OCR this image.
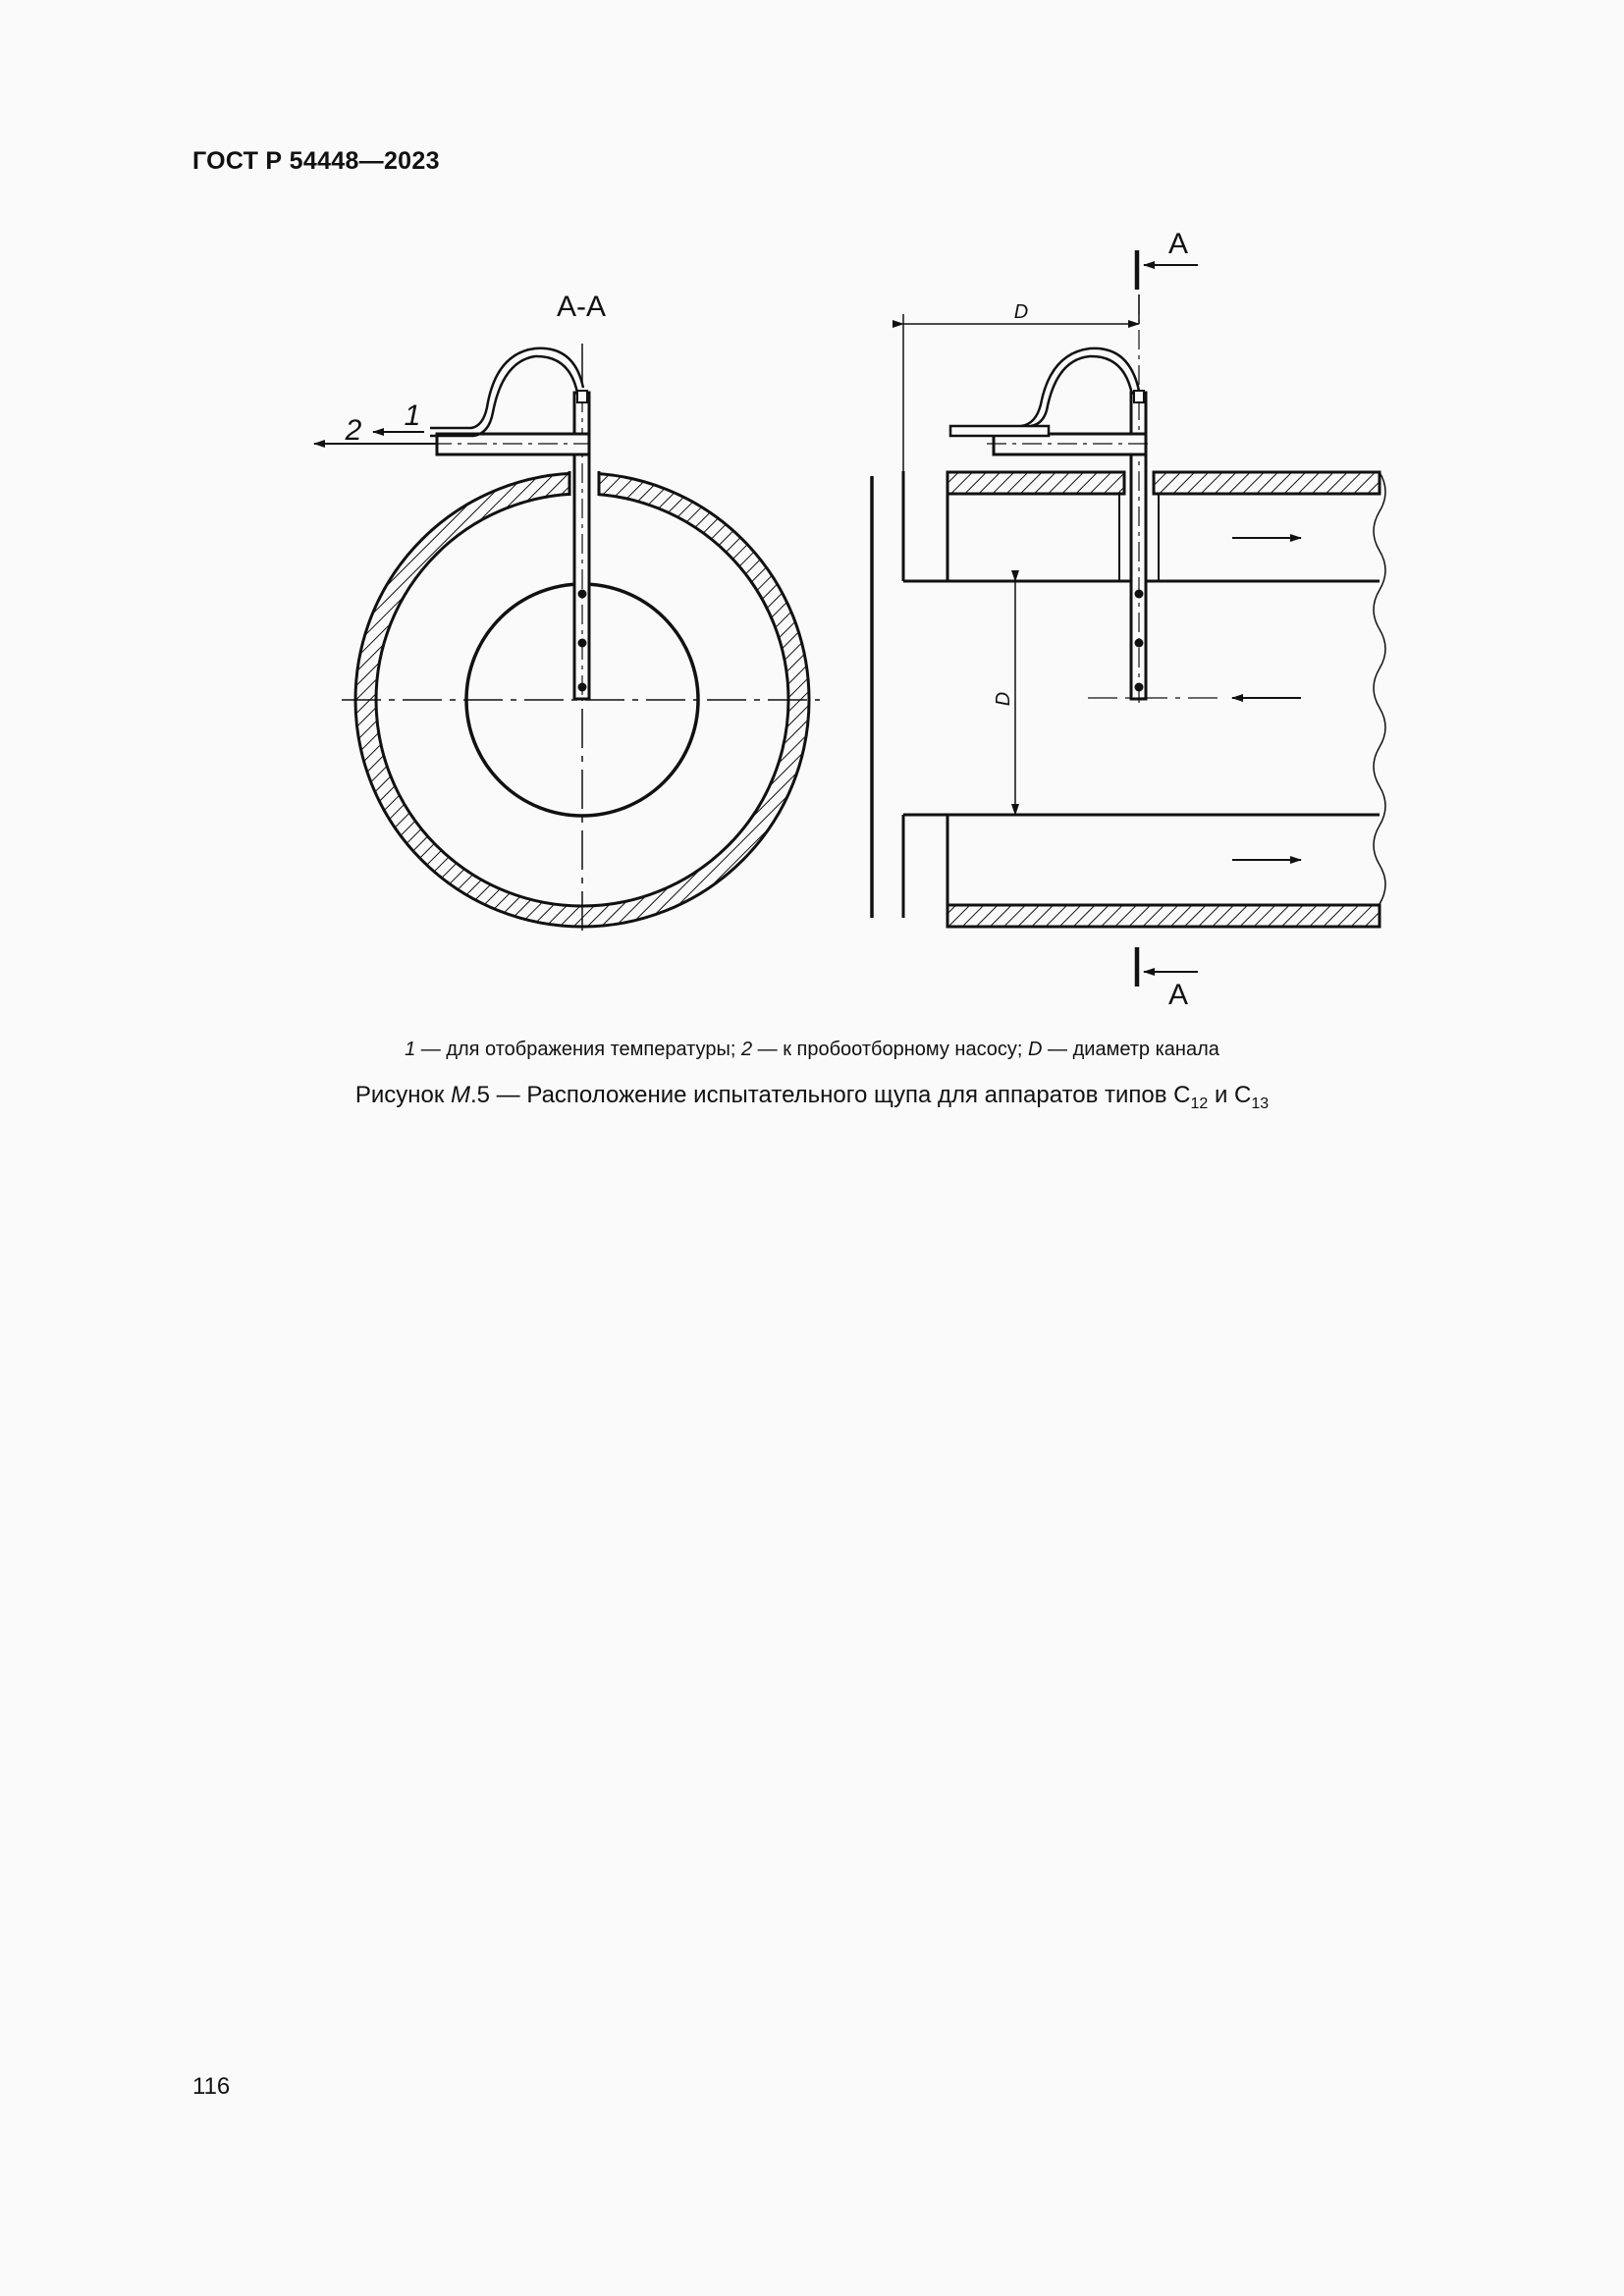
ГОСТ Р 54448—2023
А-А
1
2
А
А
D
D
1 — для отображения температуры; 2 — к пробоотборному насосу; D — диаметр канала
Рисунок М.5 — Расположение испытательного щупа для аппаратов типов $С_{12}$ и $С_{13}$
116
